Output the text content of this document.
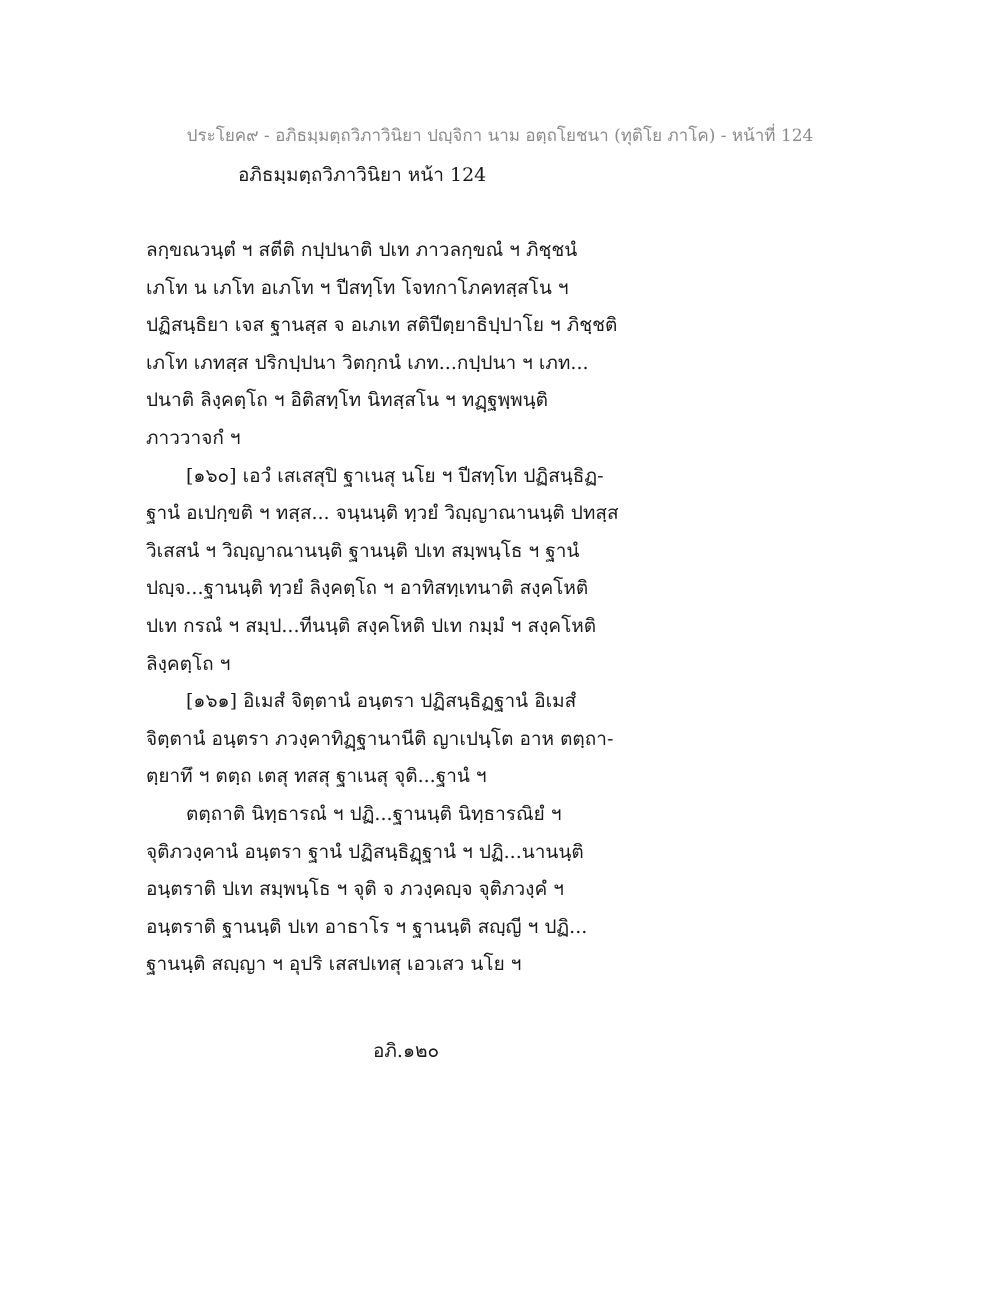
ประโยค๙ - อภิธมฺมตฺถวิภาวินิยา ปญฺจิกา นาม อตฺถโยชนา (ทุติโย ภาโค) - หน้าที่ 124
อภิธมฺมตฺถวิภาวินิยา หน้า 124
ลกฺขณวนฺตํ ฯ สตีติ กปฺปนาติ ปเท ภาวลกฺขณํ ฯ ภิชฺชนํ
เภโท น เภโท อเภโท ฯ ปีสทฺโท โจทกาโภคทสฺสโน ฯ
ปฏิสนฺธิยา เจส ฐานสฺส จ อเภเท สติปีตฺยาธิปฺปาโย ฯ ภิชฺชติ
เภโท เภทสฺส ปริกปฺปนา วิตกฺกนํ เภท...กปฺปนา ฯ เภท...
ปนาติ ลิงฺคตฺโถ ฯ อิติสทฺโท นิทสฺสโน ฯ ทฏฺฐพฺพนฺติ
ภาววาจกํ ฯ
[๑๖๐] เอวํ เสเสสุปิ ฐาเนสุ นโย ฯ ปีสทฺโท ปฏิสนฺธิฏ-
ฐานํ อเปกฺขติ ฯ ทสฺส... จนฺนนฺติ ทฺวยํ วิญฺญาณานนฺติ ปทสฺส
วิเสสนํ ฯ วิญฺญาณานนฺติ ฐานนฺติ ปเท สมฺพนฺโธ ฯ ฐานํ
ปญฺจ...ฐานนฺติ ทฺวยํ ลิงฺคตฺโถ ฯ อาทิสทฺเทนาติ สงฺคโหติ
ปเท กรณํ ฯ สมฺป...ทีนนฺติ สงฺคโหติ ปเท กมฺมํ ฯ สงฺคโหติ
ลิงฺคตฺโถ ฯ
[๑๖๑] อิเมสํ จิตฺตานํ อนฺตรา ปฏิสนฺธิฏฐานํ อิเมสํ
จิตฺตานํ อนฺตรา ภวงฺคาทิฏฺฐานานีติ ญาเปนฺโต อาห ตตฺถา-
ตฺยาทึ ฯ ตตฺถ เตสุ ทสสุ ฐาเนสุ จุติ...ฐานํ ฯ
ตตฺถาติ นิทฺธารณํ ฯ ปฏิ...ฐานนฺติ นิทฺธารณิยํ ฯ
จุติภวงฺคานํ อนฺตรา ฐานํ ปฏิสนฺธิฏฺฐานํ ฯ ปฏิ...นานนฺติ
อนฺตราติ ปเท สมฺพนฺโธ ฯ จุติ จ ภวงฺคญฺจ จุติภวงฺคํ ฯ
อนฺตราติ ฐานนฺติ ปเท อาธาโร ฯ ฐานนฺติ สญฺญี ฯ ปฏิ...
ฐานนฺติ สญฺญา ฯ อุปริ เสสปเทสุ เอวเสว นโย ฯ
อภิ.๑๒๐
